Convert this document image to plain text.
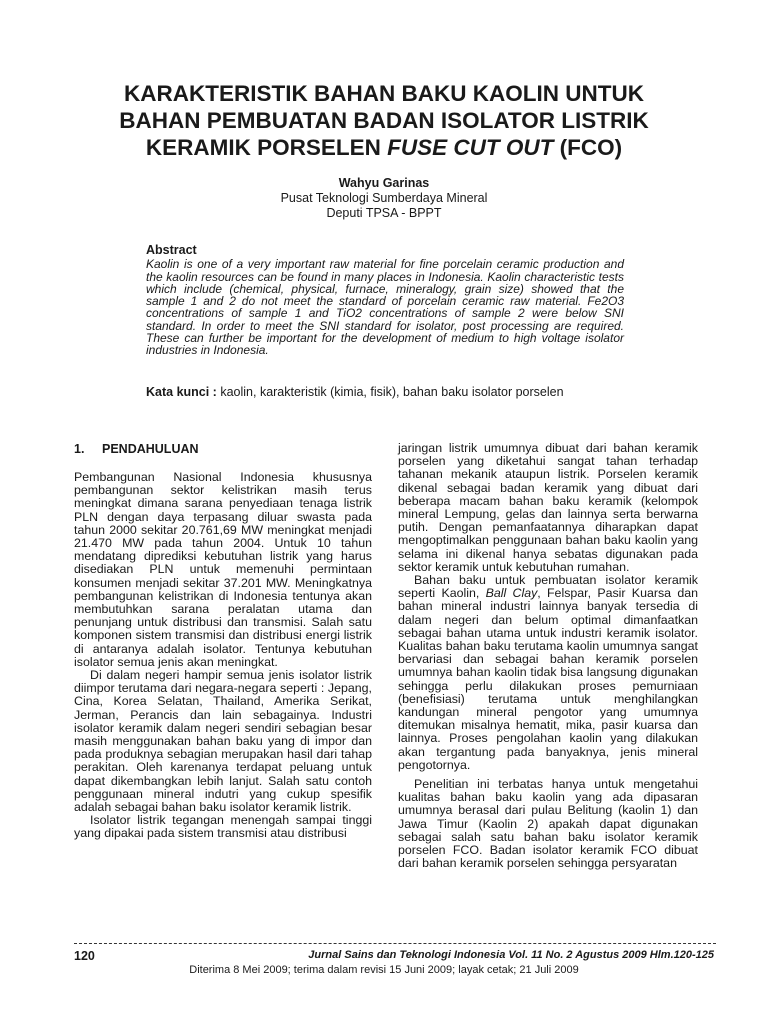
KARAKTERISTIK BAHAN BAKU KAOLIN UNTUK
BAHAN PEMBUATAN BADAN ISOLATOR LISTRIK
KERAMIK PORSELEN FUSE CUT OUT (FCO)
Wahyu Garinas
Pusat Teknologi Sumberdaya Mineral
Deputi TPSA - BPPT
Abstract
Kaolin is one of a very important raw material for fine porcelain ceramic production and the kaolin resources can be found in many places in Indonesia. Kaolin characteristic tests which include (chemical, physical, furnace, mineralogy, grain size) showed that the sample 1 and 2 do not meet the standard of porcelain ceramic raw material. Fe2O3 concentrations of sample 1 and TiO2 concentrations of sample 2 were below SNI standard. In order to meet the SNI standard for isolator, post processing are required. These can further be important for the development of medium to high voltage isolator industries in Indonesia.
Kata kunci : kaolin, karakteristik (kimia, fisik), bahan baku isolator porselen
1. PENDAHULUAN

Pembangunan Nasional Indonesia khususnya pembangunan sektor kelistrikan masih terus meningkat dimana sarana penyediaan tenaga listrik PLN dengan daya terpasang diluar swasta pada tahun 2000 sekitar 20.761,69 MW meningkat menjadi 21.470 MW pada tahun 2004. Untuk 10 tahun mendatang diprediksi kebutuhan listrik yang harus disediakan PLN untuk memenuhi permintaan konsumen menjadi sekitar 37.201 MW. Meningkatnya pembangunan kelistrikan di Indonesia tentunya akan membutuhkan sarana peralatan utama dan penunjang untuk distribusi dan transmisi. Salah satu komponen sistem transmisi dan distribusi energi listrik di antaranya adalah isolator. Tentunya kebutuhan isolator semua jenis akan meningkat.

Di dalam negeri hampir semua jenis isolator listrik diimpor terutama dari negara-negara seperti : Jepang, Cina, Korea Selatan, Thailand, Amerika Serikat, Jerman, Perancis dan lain sebagainya. Industri isolator keramik dalam negeri sendiri sebagian besar masih menggunakan bahan baku yang di impor dan pada produknya sebagian merupakan hasil dari tahap perakitan. Oleh karenanya terdapat peluang untuk dapat dikembangkan lebih lanjut. Salah satu contoh penggunaan mineral indutri yang cukup spesifik adalah sebagai bahan baku isolator keramik listrik.

Isolator listrik tegangan menengah sampai tinggi yang dipakai pada sistem transmisi atau distribusi

jaringan listrik umumnya dibuat dari bahan keramik porselen yang diketahui sangat tahan terhadap tahanan mekanik ataupun listrik. Porselen keramik dikenal sebagai badan keramik yang dibuat dari beberapa macam bahan baku keramik (kelompok mineral Lempung, gelas dan lainnya serta berwarna putih. Dengan pemanfaatannya diharapkan dapat mengoptimalkan penggunaan bahan baku kaolin yang selama ini dikenal hanya sebatas digunakan pada sektor keramik untuk kebutuhan rumahan.

Bahan baku untuk pembuatan isolator keramik seperti Kaolin, Ball Clay, Felspar, Pasir Kuarsa dan bahan mineral industri lainnya banyak tersedia di dalam negeri dan belum optimal dimanfaatkan sebagai bahan utama untuk industri keramik isolator. Kualitas bahan baku terutama kaolin umumnya sangat bervariasi dan sebagai bahan keramik porselen umumnya bahan kaolin tidak bisa langsung digunakan sehingga perlu dilakukan proses pemurniaan (benefisiasi) terutama untuk menghilangkan kandungan mineral pengotor yang umumnya ditemukan misalnya hematit, mika, pasir kuarsa dan lainnya. Proses pengolahan kaolin yang dilakukan akan tergantung pada banyaknya, jenis mineral pengotornya.

Penelitian ini terbatas hanya untuk mengetahui kualitas bahan baku kaolin yang ada dipasaran umumnya berasal dari pulau Belitung (kaolin 1) dan Jawa Timur (Kaolin 2) apakah dapat digunakan sebagai salah satu bahan baku isolator keramik porselen FCO. Badan isolator keramik FCO dibuat dari bahan keramik porselen sehingga persyaratan

120	Jurnal Sains dan Teknologi Indonesia Vol. 11 No. 2 Agustus 2009 Hlm.120-125
Diterima 8 Mei 2009; terima dalam revisi 15 Juni 2009; layak cetak; 21 Juli 2009
